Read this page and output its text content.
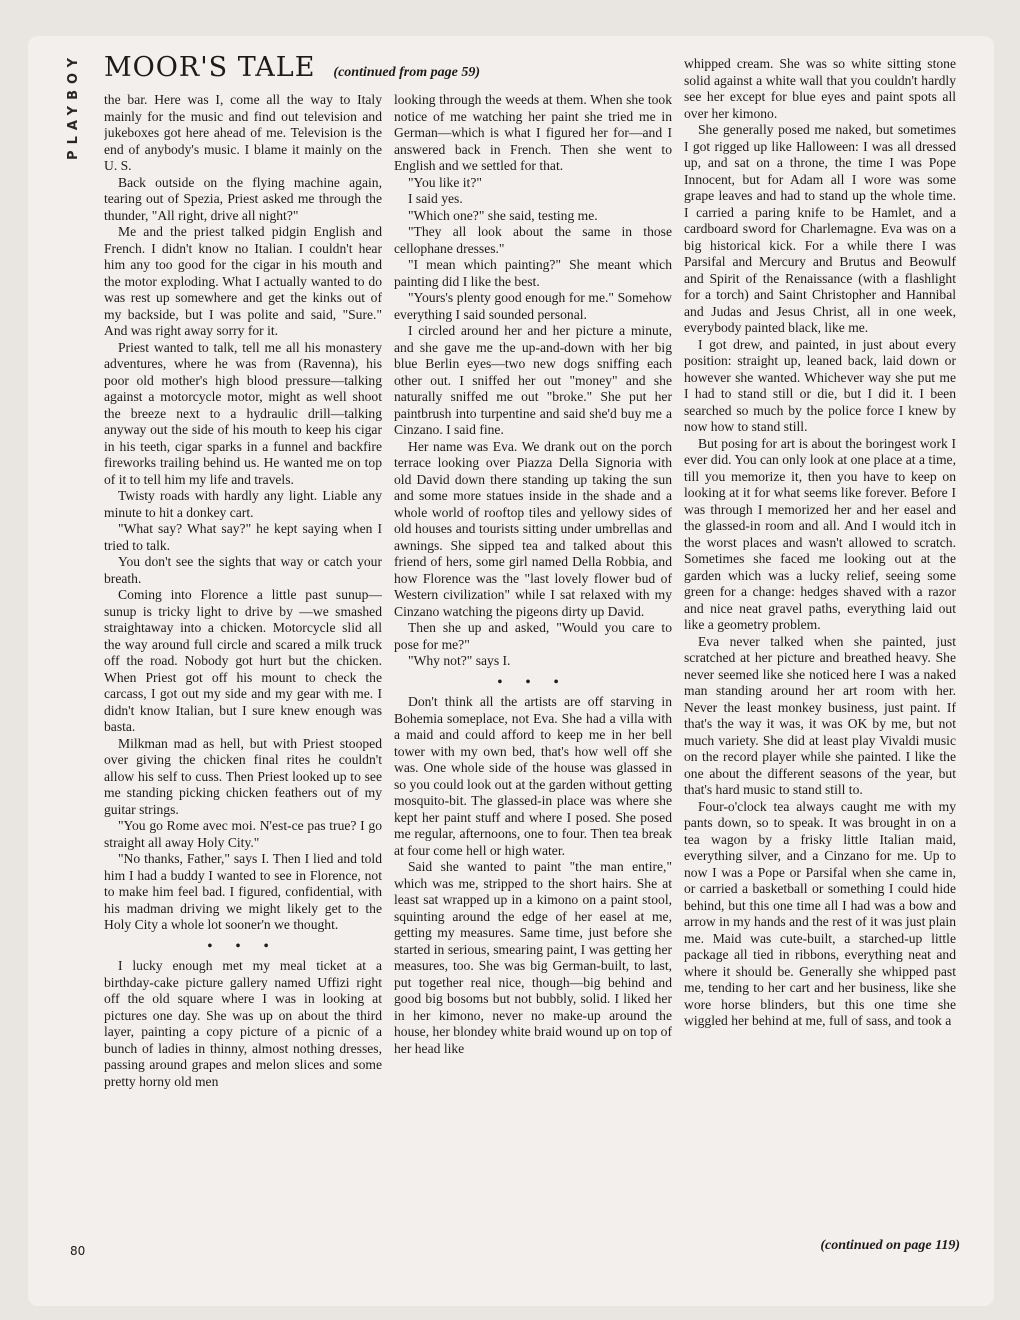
PLAYBOY MOOR'S TALE (continued from page 59)

the bar. Here was I, come all the way to Italy mainly for the music and find out television and jukeboxes got here ahead of me. Television is the end of anybody's music. I blame it mainly on the U. S.

Back outside on the flying machine again, tearing out of Spezia, Priest asked me through the thunder, "All right, drive all night?"

Me and the priest talked pidgin English and French. I didn't know no Italian. I couldn't hear him any too good for the cigar in his mouth and the motor exploding. What I actually wanted to do was rest up somewhere and get the kinks out of my backside, but I was polite and said, "Sure." And was right away sorry for it.

Priest wanted to talk, tell me all his monastery adventures, where he was from (Ravenna), his poor old mother's high blood pressure—talking against a motorcycle motor, might as well shoot the breeze next to a hydraulic drill—talking anyway out the side of his mouth to keep his cigar in his teeth, cigar sparks in a funnel and backfire fireworks trailing behind us. He wanted me on top of it to tell him my life and travels.

Twisty roads with hardly any light. Liable any minute to hit a donkey cart.

"What say? What say?" he kept saying when I tried to talk.

You don't see the sights that way or catch your breath.

Coming into Florence a little past sunup—sunup is tricky light to drive by —we smashed straightaway into a chicken. Motorcycle slid all the way around full circle and scared a milk truck off the road. Nobody got hurt but the chicken. When Priest got off his mount to check the carcass, I got out my side and my gear with me. I didn't know Italian, but I sure knew enough was basta.

Milkman mad as hell, but with Priest stooped over giving the chicken final rites he couldn't allow his self to cuss. Then Priest looked up to see me standing picking chicken feathers out of my guitar strings.

"You go Rome avec moi. N'est-ce pas true? I go straight all away Holy City."

"No thanks, Father," says I. Then I lied and told him I had a buddy I wanted to see in Florence, not to make him feel bad. I figured, confidential, with his madman driving we might likely get to the Holy City a whole lot sooner'n we thought.

• • •

I lucky enough met my meal ticket at a birthday-cake picture gallery named Uffizi right off the old square where I was in looking at pictures one day. She was up on about the third layer, painting a copy picture of a picnic of a bunch of ladies in thinny, almost nothing dresses, passing around grapes and melon slices and some pretty horny old men

looking through the weeds at them. When she took notice of me watching her paint she tried me in German—which is what I figured her for—and I answered back in French. Then she went to English and we settled for that.

"You like it?"

I said yes.

"Which one?" she said, testing me.

"They all look about the same in those cellophane dresses."

"I mean which painting?" She meant which painting did I like the best.

"Yours's plenty good enough for me." Somehow everything I said sounded personal.

I circled around her and her picture a minute, and she gave me the up-and-down with her big blue Berlin eyes—two new dogs sniffing each other out. I sniffed her out "money" and she naturally sniffed me out "broke." She put her paintbrush into turpentine and said she'd buy me a Cinzano. I said fine.

Her name was Eva. We drank out on the porch terrace looking over Piazza Della Signoria with old David down there standing up taking the sun and some more statues inside in the shade and a whole world of rooftop tiles and yellowy sides of old houses and tourists sitting under umbrellas and awnings. She sipped tea and talked about this friend of hers, some girl named Della Robbia, and how Florence was the "last lovely flower bud of Western civilization" while I sat relaxed with my Cinzano watching the pigeons dirty up David.

Then she up and asked, "Would you care to pose for me?"

"Why not?" says I.

• • •

Don't think all the artists are off starving in Bohemia someplace, not Eva. She had a villa with a maid and could afford to keep me in her bell tower with my own bed, that's how well off she was. One whole side of the house was glassed in so you could look out at the garden without getting mosquito-bit. The glassed-in place was where she kept her paint stuff and where I posed. She posed me regular, afternoons, one to four. Then tea break at four come hell or high water.

Said she wanted to paint "the man entire," which was me, stripped to the short hairs. She at least sat wrapped up in a kimono on a paint stool, squinting around the edge of her easel at me, getting my measures. Same time, just before she started in serious, smearing paint, I was getting her measures, too. She was big German-built, to last, put together real nice, though—big behind and good big bosoms but not bubbly, solid. I liked her in her kimono, never no make-up around the house, her blondey white braid wound up on top of her head like

whipped cream. She was so white sitting stone solid against a white wall that you couldn't hardly see her except for blue eyes and paint spots all over her kimono.

She generally posed me naked, but sometimes I got rigged up like Halloween: I was all dressed up, and sat on a throne, the time I was Pope Innocent, but for Adam all I wore was some grape leaves and had to stand up the whole time. I carried a paring knife to be Hamlet, and a cardboard sword for Charlemagne. Eva was on a big historical kick. For a while there I was Parsifal and Mercury and Brutus and Beowulf and Spirit of the Renaissance (with a flashlight for a torch) and Saint Christopher and Hannibal and Judas and Jesus Christ, all in one week, everybody painted black, like me.

I got drew, and painted, in just about every position: straight up, leaned back, laid down or however she wanted. Whichever way she put me I had to stand still or die, but I did it. I been searched so much by the police force I knew by now how to stand still.

But posing for art is about the boringest work I ever did. You can only look at one place at a time, till you memorize it, then you have to keep on looking at it for what seems like forever. Before I was through I memorized her and her easel and the glassed-in room and all. And I would itch in the worst places and wasn't allowed to scratch. Sometimes she faced me looking out at the garden which was a lucky relief, seeing some green for a change: hedges shaved with a razor and nice neat gravel paths, everything laid out like a geometry problem.

Eva never talked when she painted, just scratched at her picture and breathed heavy. She never seemed like she noticed here I was a naked man standing around her art room with her. Never the least monkey business, just paint. If that's the way it was, it was OK by me, but not much variety. She did at least play Vivaldi music on the record player while she painted. I like the one about the different seasons of the year, but that's hard music to stand still to.

Four-o'clock tea always caught me with my pants down, so to speak. It was brought in on a tea wagon by a frisky little Italian maid, everything silver, and a Cinzano for me. Up to now I was a Pope or Parsifal when she came in, or carried a basketball or something I could hide behind, but this one time all I had was a bow and arrow in my hands and the rest of it was just plain me. Maid was cute-built, a starched-up little package all tied in ribbons, everything neat and where it should be. Generally she whipped past me, tending to her cart and her business, like she wore horse blinders, but this one time she wiggled her behind at me, full of sass, and took a

(continued on page 119)
80
